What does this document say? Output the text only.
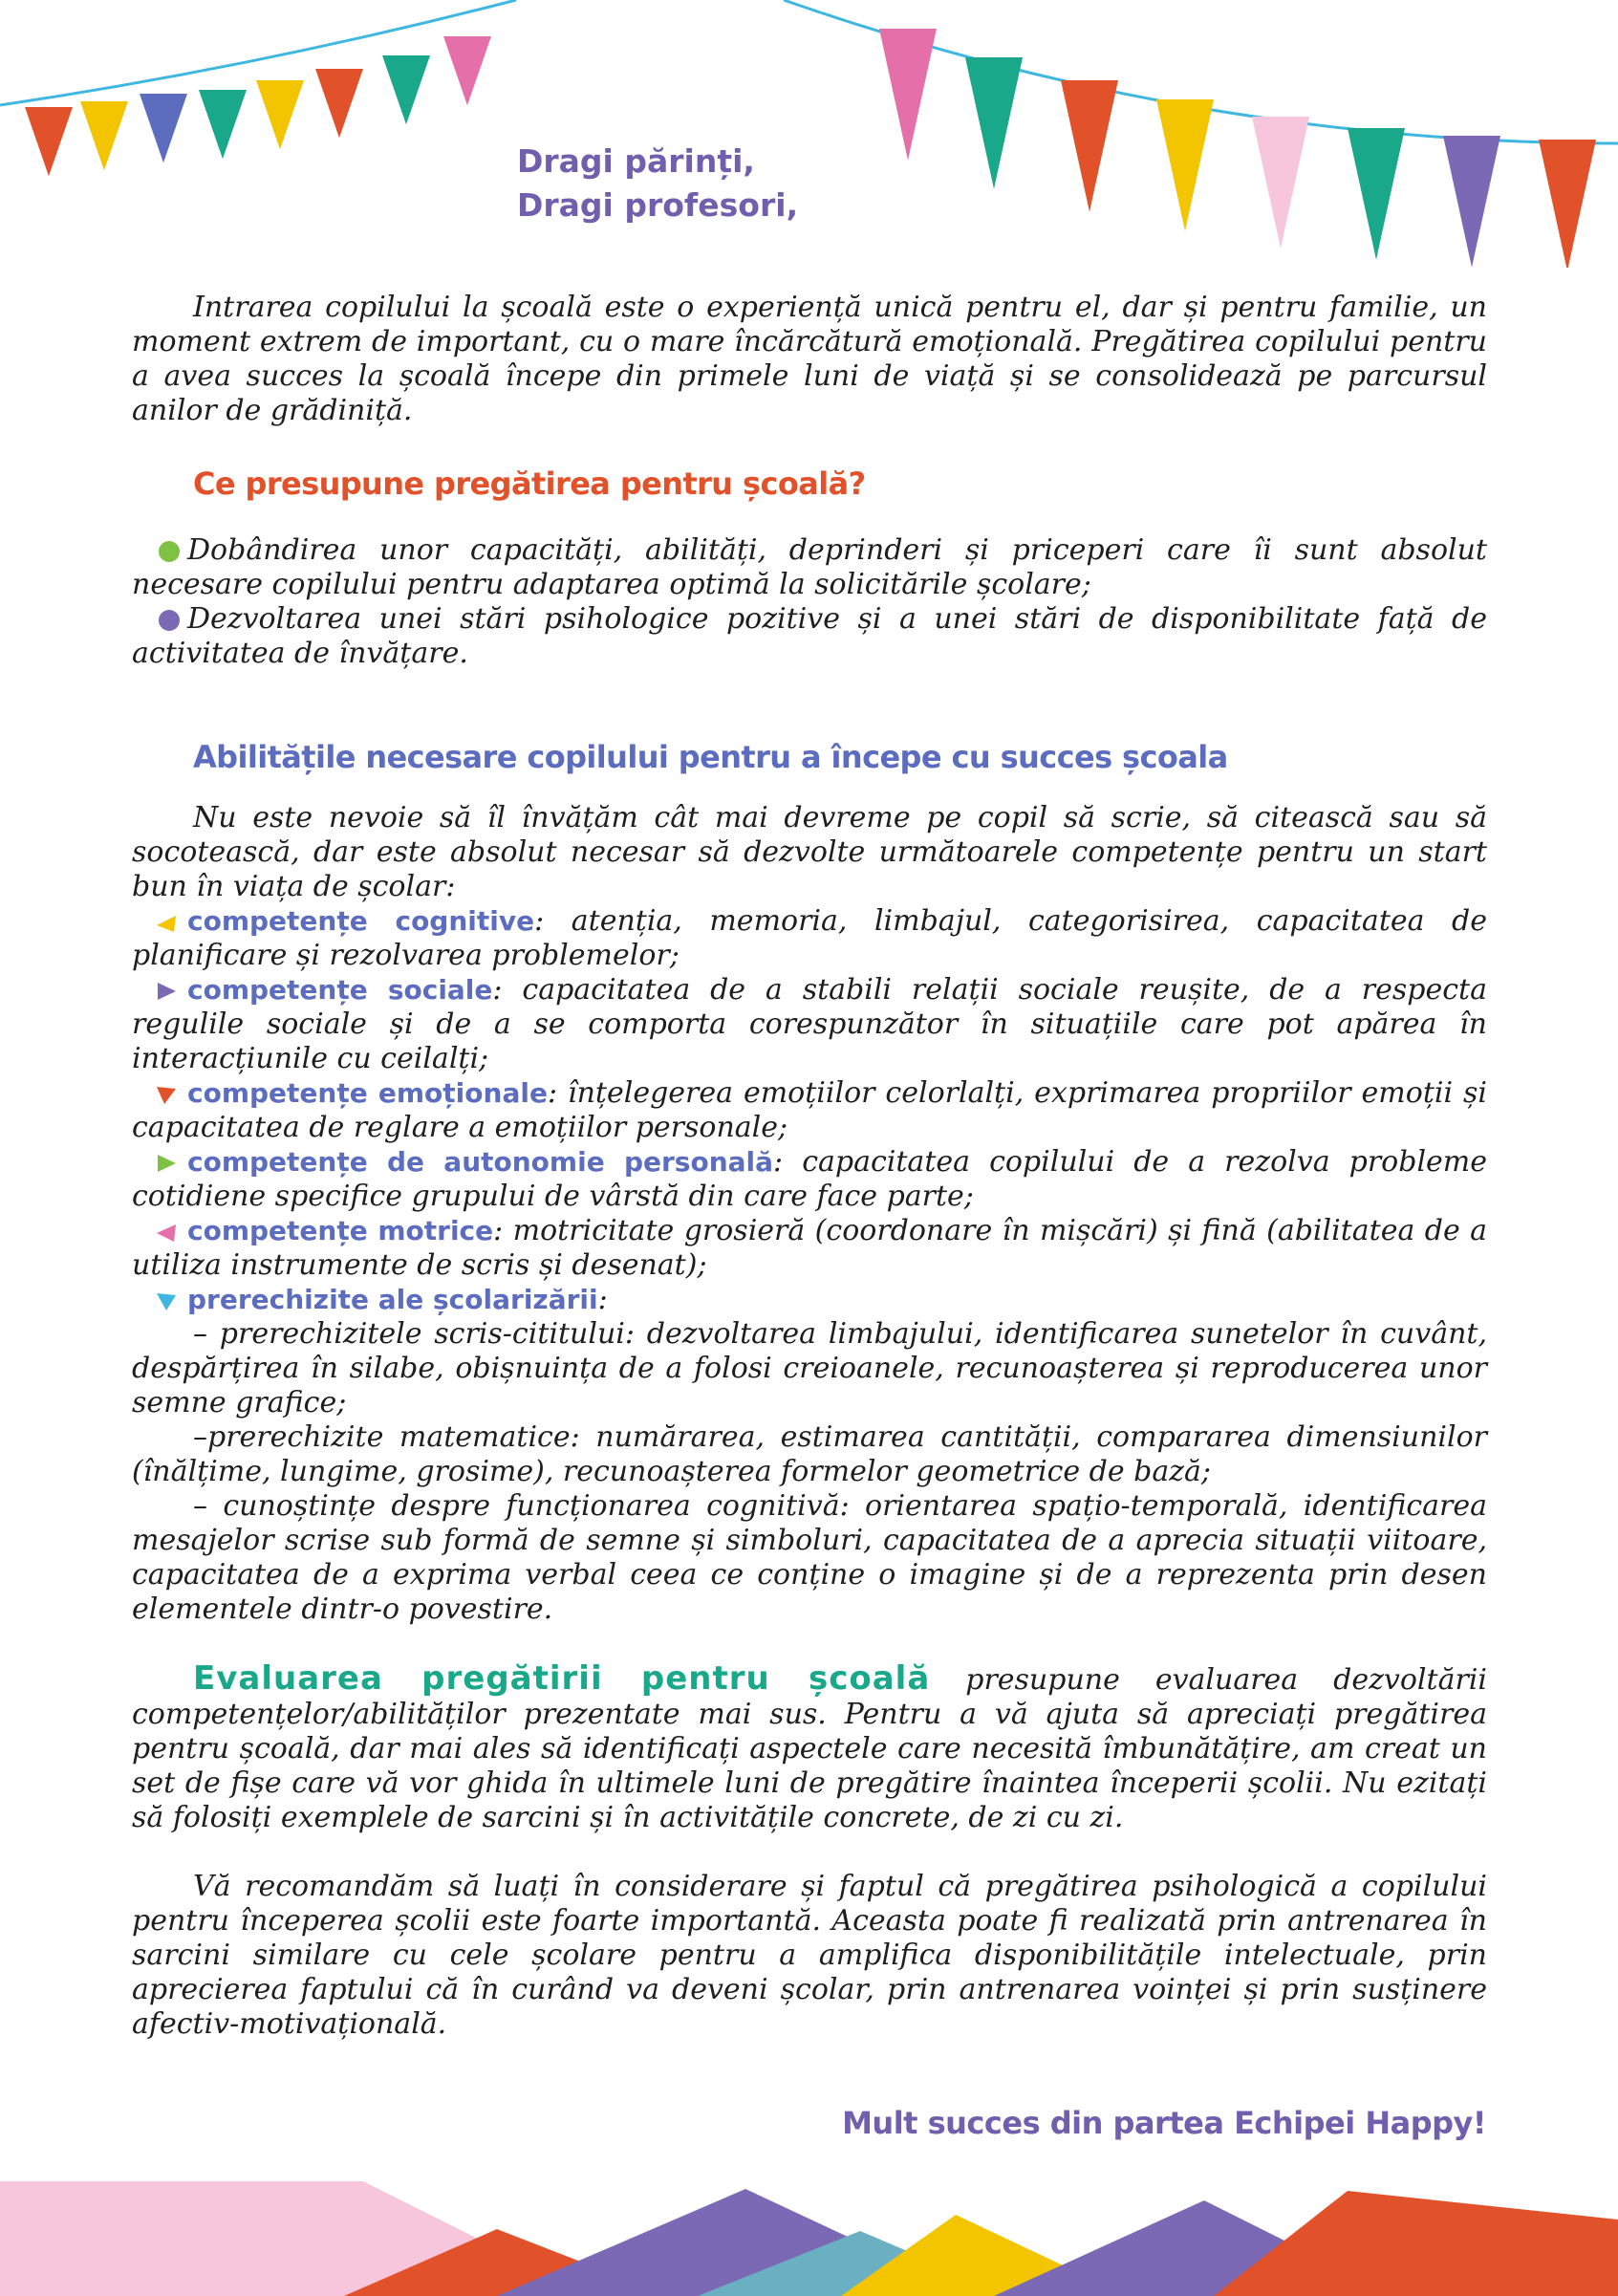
Dragi părinți,
Dragi profesori,

Intrarea copilului la școală este o experiență unică pentru el, dar și pentru familie, un moment extrem de important, cu o mare încărcătură emoțională. Pregătirea copilului pentru a avea succes la școală începe din primele luni de viață și se consolidează pe parcursul anilor de grădiniță.

Ce presupune pregătirea pentru școală?

Dobândirea unor capacități, abilități, deprinderi și priceperi care îi sunt absolut necesare copilului pentru adaptarea optimă la solicitările școlare;

Dezvoltarea unei stări psihologice pozitive și a unei stări de disponibilitate față de activitatea de învățare.

Abilitățile necesare copilului pentru a începe cu succes școala

Nu este nevoie să îl învățăm cât mai devreme pe copil să scrie, să citească sau să socotească, dar este absolut necesar să dezvolte următoarele competențe pentru un start bun în viața de școlar:

competențe cognitive: atenția, memoria, limbajul, categorisirea, capacitatea de planificare și rezolvarea problemelor;

competențe sociale: capacitatea de a stabili relații sociale reușite, de a respecta regulile sociale și de a se comporta corespunzător în situațiile care pot apărea în interacțiunile cu ceilalți;

competențe emoționale: înțelegerea emoțiilor celorlalți, exprimarea propriilor emoții și capacitatea de reglare a emoțiilor personale;

competențe de autonomie personală: capacitatea copilului de a rezolva probleme cotidiene specifice grupului de vârstă din care face parte;

competențe motrice: motricitate grosieră (coordonare în mișcări) și fină (abilitatea de a utiliza instrumente de scris și desenat);

prerechizite ale școlarizării:

– prerechizitele scris-cititului: dezvoltarea limbajului, identificarea sunetelor în cuvânt, despărțirea în silabe, obișnuința de a folosi creioanele, recunoașterea și reproducerea unor semne grafice;

–prerechizite matematice: numărarea, estimarea cantității, compararea dimensiunilor (înălțime, lungime, grosime), recunoașterea formelor geometrice de bază;

– cunoștințe despre funcționarea cognitivă: orientarea spațio-temporală, identificarea mesajelor scrise sub formă de semne și simboluri, capacitatea de a aprecia situații viitoare, capacitatea de a exprima verbal ceea ce conține o imagine și de a reprezenta prin desen elementele dintr-o povestire.

Evaluarea pregătirii pentru școală presupune evaluarea dezvoltării competențelor/abilităților prezentate mai sus. Pentru a vă ajuta să apreciați pregătirea pentru școală, dar mai ales să identificați aspectele care necesită îmbunătățire, am creat un set de fișe care vă vor ghida în ultimele luni de pregătire înaintea începerii școlii. Nu ezitați să folosiți exemplele de sarcini și în activitățile concrete, de zi cu zi.

Vă recomandăm să luați în considerare și faptul că pregătirea psihologică a copilului pentru începerea școlii este foarte importantă. Aceasta poate fi realizată prin antrenarea în sarcini similare cu cele școlare pentru a amplifica disponibilitățile intelectuale, prin aprecierea faptului că în curând va deveni școlar, prin antrenarea voinței și prin susținere afectiv-motivațională.

Mult succes din partea Echipei Happy!
